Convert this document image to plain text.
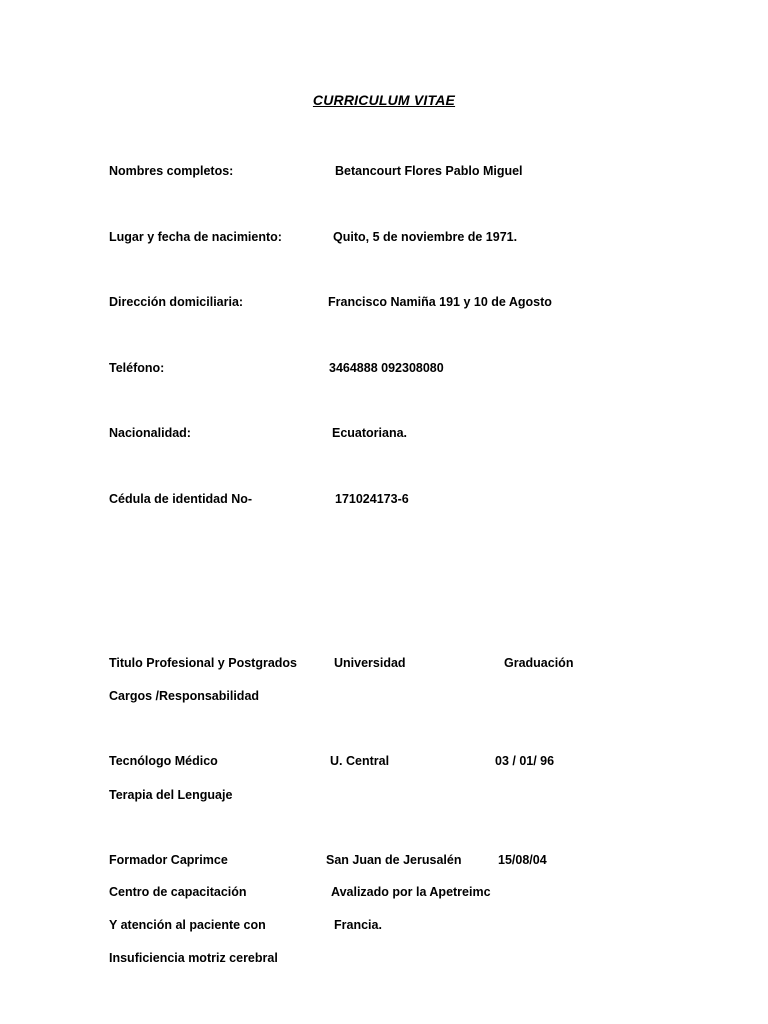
CURRICULUM VITAE
Nombres completos:	Betancourt Flores Pablo Miguel
Lugar y fecha de nacimiento:	Quito, 5 de noviembre de 1971.
Dirección domiciliaria:	Francisco Namiña 191 y 10 de Agosto
Teléfono:	3464888 092308080
Nacionalidad:	Ecuatoriana.
Cédula de identidad No-	171024173-6
Titulo Profesional y Postgrados	Universidad	Graduación
Cargos /Responsabilidad
Tecnólogo Médico	U. Central	03 / 01/ 96
Terapia del Lenguaje
Formador Caprimce	San Juan de Jerusalén	15/08/04
Centro de capacitación	Avalizado por la Apetreimc
Y atención al paciente con	Francia.
Insuficiencia motriz cerebral
